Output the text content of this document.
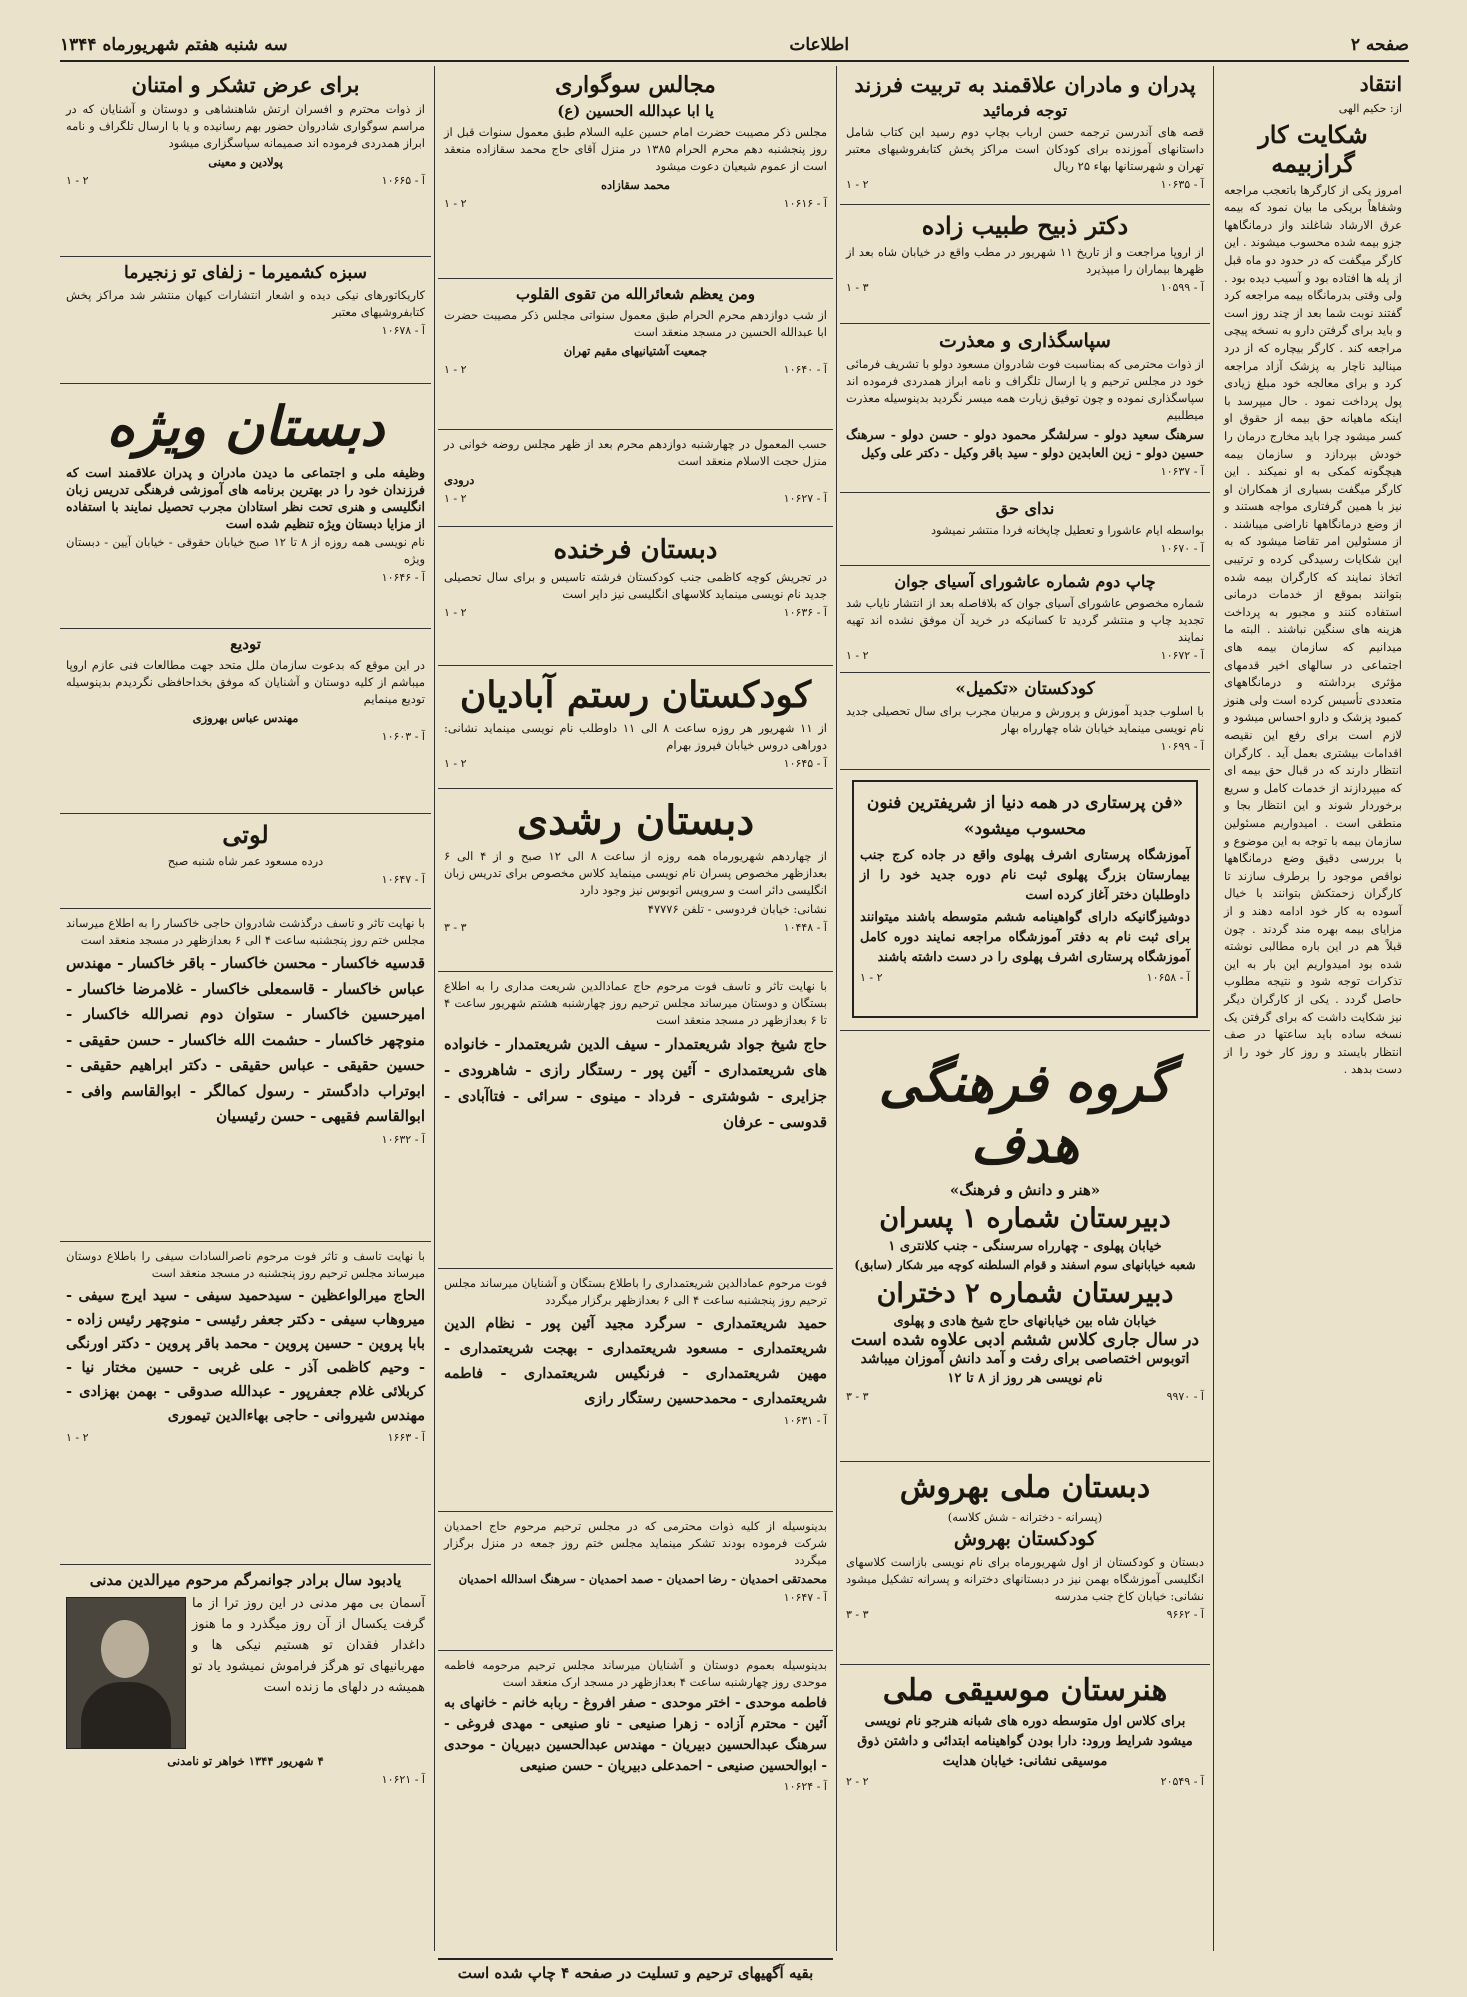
صفحه ۲
اطلاعات
سه شنبه هفتم شهریورماه ۱۳۴۴
انتقاد

از: حکیم الهی

شکایت کار گرازبیمه

امروز یکی از کارگرها باتعجب مراجعه وشفاهاً بریکی ما بیان نمود که بیمه عرق الارشاد شاغلند واز درمانگاهها جزو بیمه شده محسوب میشوند . این کارگر میگفت که در حدود دو ماه قبل از پله ها افتاده بود و آسیب دیده بود . ولی وقتی بدرمانگاه بیمه مراجعه کرد گفتند نوبت شما بعد از چند روز است و باید برای گرفتن دارو به نسخه پیچی مراجعه کند . کارگر بیچاره که از درد مینالید ناچار به پزشک آزاد مراجعه کرد و برای معالجه خود مبلغ زیادی پول پرداخت نمود . حال میپرسد با اینکه ماهیانه حق بیمه از حقوق او کسر میشود چرا باید مخارج درمان را خودش بپردازد و سازمان بیمه هیچگونه کمکی به او نمیکند . این کارگر میگفت بسیاری از همکاران او نیز با همین گرفتاری مواجه هستند و از وضع درمانگاهها ناراضی میباشند . از مسئولین امر تقاضا میشود که به این شکایات رسیدگی کرده و ترتیبی اتخاذ نمایند که کارگران بیمه شده بتوانند بموقع از خدمات درمانی استفاده کنند و مجبور به پرداخت هزینه های سنگین نباشند . البته ما میدانیم که سازمان بیمه های اجتماعی در سالهای اخیر قدمهای مؤثری برداشته و درمانگاههای متعددی تأسیس کرده است ولی هنوز کمبود پزشک و دارو احساس میشود و لازم است برای رفع این نقیصه اقدامات بیشتری بعمل آید . کارگران انتظار دارند که در قبال حق بیمه ای که میپردازند از خدمات کامل و سریع برخوردار شوند و این انتظار بجا و منطقی است . امیدواریم مسئولین سازمان بیمه با توجه به این موضوع و با بررسی دقیق وضع درمانگاهها نواقص موجود را برطرف سازند تا کارگران زحمتکش بتوانند با خیال آسوده به کار خود ادامه دهند و از مزایای بیمه بهره مند گردند . چون قبلاً هم در این باره مطالبی نوشته شده بود امیدواریم این بار به این تذکرات توجه شود و نتیجه مطلوب حاصل گردد . یکی از کارگران دیگر نیز شکایت داشت که برای گرفتن یک نسخه ساده باید ساعتها در صف انتظار بایستد و روز کار خود را از دست بدهد .

پدران و مادران علاقمند به تربیت فرزند
توجه فرمائید

قصه های آندرسن ترجمه حسن ارباب بچاپ دوم رسید این کتاب شامل داستانهای آموزنده برای کودکان است مراکز پخش کتابفروشیهای معتبر تهران و شهرستانها بهاء ۲۵ ریال

آ - ۱۰۶۳۵
۲ - ۱
دکتر ذبیح طبیب زاده

از اروپا مراجعت و از تاریخ ۱۱ شهریور در مطب واقع در خیابان شاه بعد از ظهرها بیماران را میپذیرد

آ - ۱۰۵۹۹
۳ - ۱
سپاسگذاری و معذرت

از ذوات محترمی که بمناسبت فوت شادروان مسعود دولو با تشریف فرمائی خود در مجلس ترحیم و یا ارسال تلگراف و نامه ابراز همدردی فرموده اند سپاسگذاری نموده و چون توفیق زیارت همه میسر نگردید بدینوسیله معذرت میطلبیم

سرهنگ سعید دولو - سرلشگر محمود دولو - حسن دولو - سرهنگ حسین دولو - زین العابدین دولو - سید باقر وکیل - دکتر علی وکیل

آ - ۱۰۶۳۷
ندای حق

بواسطه ایام عاشورا و تعطیل چاپخانه فردا منتشر نمیشود

آ - ۱۰۶۷۰
چاپ دوم شماره عاشورای آسیای جوان

شماره مخصوص عاشورای آسیای جوان که بلافاصله بعد از انتشار نایاب شد تجدید چاپ و منتشر گردید تا کسانیکه در خرید آن موفق نشده اند تهیه نمایند

آ - ۱۰۶۷۲
۲ - ۱
کودکستان «تکمیل»

با اسلوب جدید آموزش و پرورش و مربیان مجرب برای سال تحصیلی جدید نام نویسی مینماید خیابان شاه چهارراه بهار

آ - ۱۰۶۹۹
«فن پرستاری در همه دنیا از شریفترین فنون محسوب میشود»

آموزشگاه پرستاری اشرف پهلوی واقع در جاده کرج جنب بیمارستان بزرگ پهلوی ثبت نام دوره جدید خود را از داوطلبان دختر آغاز کرده است

دوشیزگانیکه دارای گواهینامه ششم متوسطه باشند میتوانند برای ثبت نام به دفتر آموزشگاه مراجعه نمایند دوره کامل آموزشگاه پرستاری اشرف پهلوی را در دست داشته باشند

آ - ۱۰۶۵۸
۲ - ۱
گروه فرهنگی هدف
«هنر و دانش و فرهنگ»
دبیرستان شماره ۱ پسران

خیابان پهلوی - چهارراه سرسنگی - جنب کلانتری ۱

شعبه خیابانهای سوم اسفند و قوام السلطنه کوچه میر شکار (سابق)

دبیرستان شماره ۲ دختران

خیابان شاه بین خیابانهای حاج شیخ هادی و پهلوی

در سال جاری کلاس ششم ادبی علاوه شده است

اتوبوس اختصاصی برای رفت و آمد دانش آموزان میباشد

نام نویسی هر روز از ۸ تا ۱۲

آ - ۹۹۷۰
۳ - ۳
دبستان ملی بهروش

(پسرانه - دخترانه - شش کلاسه)

کودکستان بهروش

دبستان و کودکستان از اول شهریورماه برای نام نویسی بازاست کلاسهای انگلیسی آموزشگاه بهمن نیز در دبستانهای دخترانه و پسرانه تشکیل میشود نشانی: خیابان کاخ جنب مدرسه

آ - ۹۶۶۲
۳ - ۳
هنرستان موسیقی ملی

برای کلاس اول متوسطه دوره های شبانه هنرجو نام نویسی میشود شرایط ورود: دارا بودن گواهینامه ابتدائی و داشتن ذوق موسیقی نشانی: خیابان هدایت

آ - ۲۰۵۴۹
۲ - ۲
مجالس سوگواری
یا ابا عبدالله الحسین (ع)

مجلس ذکر مصیبت حضرت امام حسین علیه السلام طبق معمول سنوات قبل از روز پنجشنبه دهم محرم الحرام ۱۳۸۵ در منزل آقای حاج محمد سقازاده منعقد است از عموم شیعیان دعوت میشود

محمد سقازاده

آ - ۱۰۶۱۶
۲ - ۱
ومن یعظم شعائرالله من تقوی القلوب

از شب دوازدهم محرم الحرام طبق معمول سنواتی مجلس ذکر مصیبت حضرت ابا عبدالله الحسین در مسجد منعقد است

جمعیت آشتیانیهای مقیم تهران

آ - ۱۰۶۴۰
۲ - ۱

حسب المعمول در چهارشنبه دوازدهم محرم بعد از ظهر مجلس روضه خوانی در منزل حجت الاسلام منعقد است

درودی

آ - ۱۰۶۲۷
۲ - ۱
دبستان فرخنده

در تجریش کوچه کاظمی جنب کودکستان فرشته تاسیس و برای سال تحصیلی جدید نام نویسی مینماید کلاسهای انگلیسی نیز دایر است

آ - ۱۰۶۳۶
۲ - ۱
کودکستان رستم آبادیان

از ۱۱ شهریور هر روزه ساعت ۸ الی ۱۱ داوطلب نام نویسی مینماید نشانی: دوراهی دروس خیابان فیروز بهرام

آ - ۱۰۶۴۵
۲ - ۱
دبستان رشدی

از چهاردهم شهریورماه همه روزه از ساعت ۸ الی ۱۲ صبح و از ۴ الی ۶ بعدازظهر مخصوص پسران نام نویسی مینماید کلاس مخصوص برای تدریس زبان انگلیسی دائر است و سرویس اتوبوس نیز وجود دارد

نشانی: خیابان فردوسی - تلفن ۴۷۷۷۶

آ - ۱۰۴۴۸
۳ - ۳

با نهایت تاثر و تاسف فوت مرحوم حاج عمادالدین شریعت مداری را به اطلاع بستگان و دوستان میرساند مجلس ترحیم روز چهارشنبه هشتم شهریور ساعت ۴ تا ۶ بعدازظهر در مسجد منعقد است

حاج شیخ جواد شریعتمدار - سیف الدین شریعتمدار - خانواده های شریعتمداری - آئین پور - رستگار رازی - شاهرودی - جزایری - شوشتری - فرداد - مینوی - سرائی - فتاآبادی - قدوسی - عرفان

فوت مرحوم عمادالدین شریعتمداری را باطلاع بستگان و آشنایان میرساند مجلس ترحیم روز پنجشنبه ساعت ۴ الی ۶ بعدازظهر برگزار میگردد

حمید شریعتمداری - سرگرد مجید آئین پور - نظام الدین شریعتمداری - مسعود شریعتمداری - بهجت شریعتمداری - مهین شریعتمداری - فرنگیس شریعتمداری - فاطمه شریعتمداری - محمدحسین رستگار رازی

آ - ۱۰۶۳۱

بدینوسیله از کلیه ذوات محترمی که در مجلس ترحیم مرحوم حاج احمدیان شرکت فرموده بودند تشکر مینماید مجلس ختم روز جمعه در منزل برگزار میگردد

محمدتقی احمدیان - رضا احمدیان - صمد احمدیان - سرهنگ اسدالله احمدیان

آ - ۱۰۶۴۷

بدینوسیله بعموم دوستان و آشنایان میرساند مجلس ترحیم مرحومه فاطمه موحدی روز چهارشنبه ساعت ۴ بعدازظهر در مسجد ارک منعقد است

فاطمه موحدی - اختر موحدی - صفر افروغ - ربابه خانم - خانهای به آئین - محترم آزاده - زهرا صنیعی - ناو صنیعی - مهدی فروغی - سرهنگ عبدالحسین دبیریان - مهندس عبدالحسین دبیریان - موحدی - ابوالحسین صنیعی - احمدعلی دبیریان - حسن صنیعی

آ - ۱۰۶۲۴
برای عرض تشکر و امتنان

از ذوات محترم و افسران ارتش شاهنشاهی و دوستان و آشنایان که در مراسم سوگواری شادروان حضور بهم رسانیده و یا با ارسال تلگراف و نامه ابراز همدردی فرموده اند صمیمانه سپاسگزاری میشود

پولادین و معینی

آ - ۱۰۶۶۵
۲ - ۱
سبزه کشمیرما - زلفای تو زنجیرما

کاریکاتورهای نیکی دیده و اشعار انتشارات کیهان منتشر شد مراکز پخش کتابفروشیهای معتبر

آ - ۱۰۶۷۸
دبستان ویژه

وظیفه ملی و اجتماعی ما دیدن مادران و پدران علاقمند است که فرزندان خود را در بهترین برنامه های آموزشی فرهنگی تدریس زبان انگلیسی و هنری تحت نظر استادان مجرب تحصیل نمایند با استفاده از مزایا دبستان ویژه تنظیم شده است

نام نویسی همه روزه از ۸ تا ۱۲ صبح خیابان حقوقی - خیابان آیین - دبستان ویژه

آ - ۱۰۶۴۶
تودیع

در این موقع که بدعوت سازمان ملل متحد جهت مطالعات فنی عازم اروپا میباشم از کلیه دوستان و آشنایان که موفق بخداحافظی نگردیدم بدینوسیله تودیع مینمایم

مهندس عباس بهروزی

آ - ۱۰۶۰۳
لوتی

درده مسعود عمر شاه شنبه صبح

آ - ۱۰۶۴۷

با نهایت تاثر و تاسف درگذشت شادروان حاجی خاکسار را به اطلاع میرساند مجلس ختم روز پنجشنبه ساعت ۴ الی ۶ بعدازظهر در مسجد منعقد است

قدسیه خاکسار - محسن خاکسار - باقر خاکسار - مهندس عباس خاکسار - قاسمعلی خاکسار - غلامرضا خاکسار - امیرحسین خاکسار - ستوان دوم نصرالله خاکسار - منوچهر خاکسار - حشمت الله خاکسار - حسن حقیقی - حسین حقیقی - عباس حقیقی - دکتر ابراهیم حقیقی - ابوتراب دادگستر - رسول کمالگر - ابوالقاسم وافی - ابوالقاسم فقیهی - حسن رئیسیان

آ - ۱۰۶۳۲

با نهایت تاسف و تاثر فوت مرحوم ناصرالسادات سیفی را باطلاع دوستان میرساند مجلس ترحیم روز پنجشنبه در مسجد منعقد است

الحاج میرالواعظین - سیدحمید سیفی - سید ایرج سیفی - میروهاب سیفی - دکتر جعفر رئیسی - منوچهر رئیس زاده - بابا پروین - حسین پروین - محمد باقر پروین - دکتر اورنگی - وحیم کاظمی آذر - علی غربی - حسین مختار نیا - کربلائی غلام جعفرپور - عبدالله صدوقی - بهمن بهزادی - مهندس شیروانی - حاجی بهاءالدین تیموری

آ - ۱۶۶۳
۲ - ۱
یادبود سال برادر جوانمرگم مرحوم میرالدین مدنی

آسمان بی مهر مدنی در این روز ترا از ما گرفت یکسال از آن روز میگذرد و ما هنوز داغدار فقدان تو هستیم نیکی ها و مهربانیهای تو هرگز فراموش نمیشود یاد تو همیشه در دلهای ما زنده است

۴ شهریور ۱۳۴۴ خواهر تو نامدنی

آ - ۱۰۶۲۱
بقیه آگهیهای ترحیم و تسلیت در صفحه ۴ چاپ شده است
